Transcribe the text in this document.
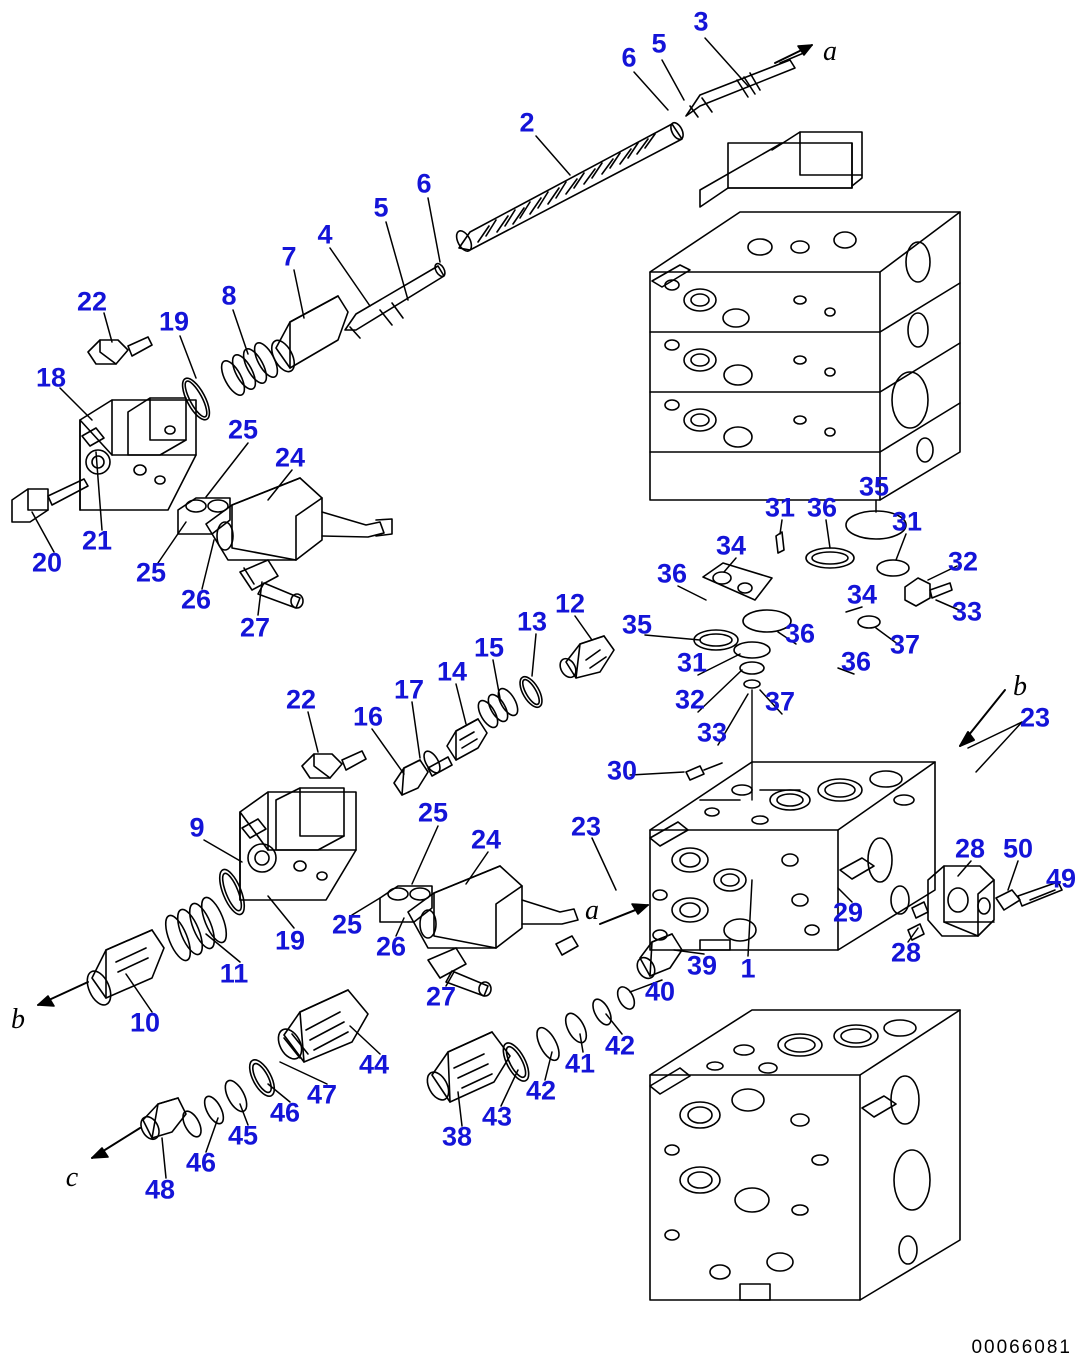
3
5
6
2
6
5
4
7
8
22
19
18
25
24
20
21
25
26
27
31 36
35
31
34
32
36
34
33
35	36	37
36
31
32 37
33
12
13
15
14
17
16
22
30
23
9	25
24	23
28 50
49
19
25
26
11
29
28
1
39
27	40
10
42
41
44
42
47
46	43
45	38
46
48
a
a
b
b
c
00066081
